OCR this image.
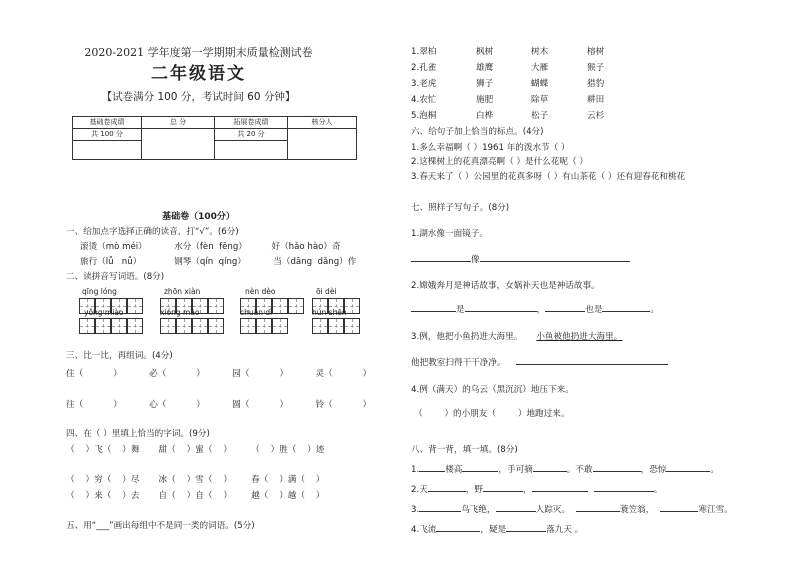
2020-2021 学年度第一学期期末质量检测试卷
二年级语文
【试卷满分 100 分，考试时间 60 分钟】
基础卷成绩	总 分	拓展卷成绩	核分人
共 100 分		共 20 分	

基础卷（100分）
一、给加点字选择正确的读音，打“√”。(6分)
滚烫（mò méi）          水分（fèn  fēng）         好（hǎo hào）奇
旅行（lǚ   nǚ）            钢琴（qín  qíng）          当（dāng  dǎng）作
二、读拼音写词语。(8分)
qīng lóng	zhōn xiàn	nèn dèo	ōi dèi
yǒng miào	xióng māo	chuān dì	hún shēn
三、比一比，再组词。(4分)
住（           ）          必（           ）          园（           ）          灵（           ）
往（           ）          心（           ）          圆（           ）          铃（           ）
四、在（ ）里填上恰当的字词。(9分)
（    ）飞（    ）舞       甜（    ）蜜（    ）       （    ）胜（    ）迹
（    ）穷（    ）尽       冰（    ）雪（    ）       春（    ）满（    ）
（    ）来（    ）去       自（    ）自（    ）       越（    ）越（    ）
五、用“___”画出每组中不是同一类的词语。(5分)
1.翠柏	枫树	树木	榕树
2.孔雀	雄鹰	大雁	猴子
3.老虎	狮子	蝴蝶	猎豹
4.农忙	施肥	除草	耕田
5.泡桐	白桦	松子	云杉
六、给句子加上恰当的标点。(4分)
1.多么幸福啊（ ）1961 年的泼水节（ ）
2.这棵树上的花真漂亮啊（ ）是什么花呢（ ）
3.春天来了（ ）公园里的花真多呀（ ）有山茶花（ ）还有迎春花和桃花
七、照样子写句子。(8分)
1.湖水像一面镜子。
像
2.嫦娥奔月是神话故事，女娲补天也是神话故事。
是	，	也是	。
3.例，他把小鱼扔进大海里。 小鱼被他扔进大海里。
他把教室扫得干干净净。
4.例（满天）的乌云（黑沉沉）地压下来。
（        ）的小朋友（        ）地跑过来。
八、背一背，填一填。(8分)
1.	楼高	，手可摘	。不敢	，恐惊	。
2.天	，野	，	。
3.	鸟飞绝，	人踪灭。	蓑笠翁，	寒江雪。
4.飞流	，疑是	落九天 。
